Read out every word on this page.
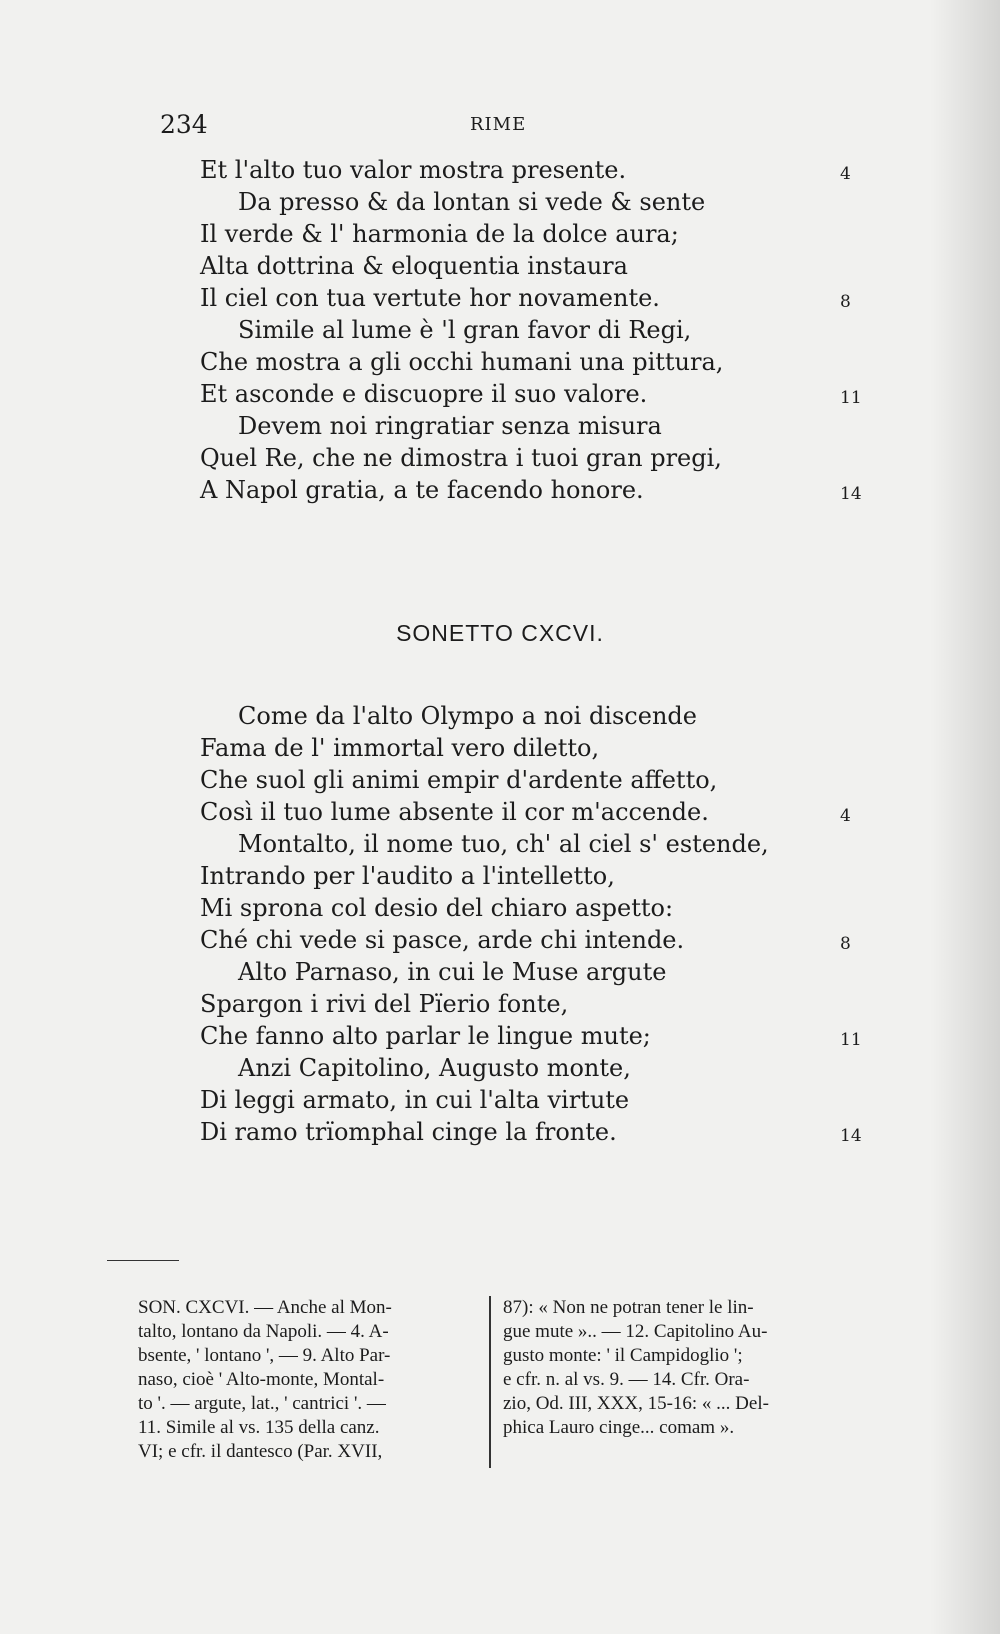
234	RIME
Et l'alto tuo valor mostra presente.	4
Da presso & da lontan si vede & sente
Il verde & l' harmonia de la dolce aura;
Alta dottrina & eloquentia instaura
Il ciel con tua vertute hor novamente.	8
Simile al lume è 'l gran favor di Regi,
Che mostra a gli occhi humani una pittura,
Et asconde e discuopre il suo valore.	11
Devem noi ringratiar senza misura
Quel Re, che ne dimostra i tuoi gran pregi,
A Napol gratia, a te facendo honore.	14
SONETTO CXCVI.
Come da l'alto Olympo a noi discende
Fama de l' immortal vero diletto,
Che suol gli animi empir d'ardente affetto,
Così il tuo lume absente il cor m'accende.	4
Montalto, il nome tuo, ch' al ciel s' estende,
Intrando per l'audito a l'intelletto,
Mi sprona col desio del chiaro aspetto:
Ché chi vede si pasce, arde chi intende.	8
Alto Parnaso, in cui le Muse argute
Spargon i rivi del Pïerio fonte,
Che fanno alto parlar le lingue mute;	11
Anzi Capitolino, Augusto monte,
Di leggi armato, in cui l'alta virtute
Di ramo trïomphal cinge la fronte.	14
SON. CXCVI. — Anche al Mon-
talto, lontano da Napoli. — 4. A-
bsente, ' lontano ', — 9. Alto Par-
naso, cioè ' Alto-monte, Montal-
to '. — argute, lat., ' cantrici '. —
11. Simile al vs. 135 della canz.
VI; e cfr. il dantesco (Par. XVII,
87): « Non ne potran tener le lin-
gue mute ».. — 12. Capitolino Au-
gusto monte: ' il Campidoglio ';
e cfr. n. al vs. 9. — 14. Cfr. Ora-
zio, Od. III, XXX, 15-16: « ... Del-
phica Lauro cinge... comam ».
